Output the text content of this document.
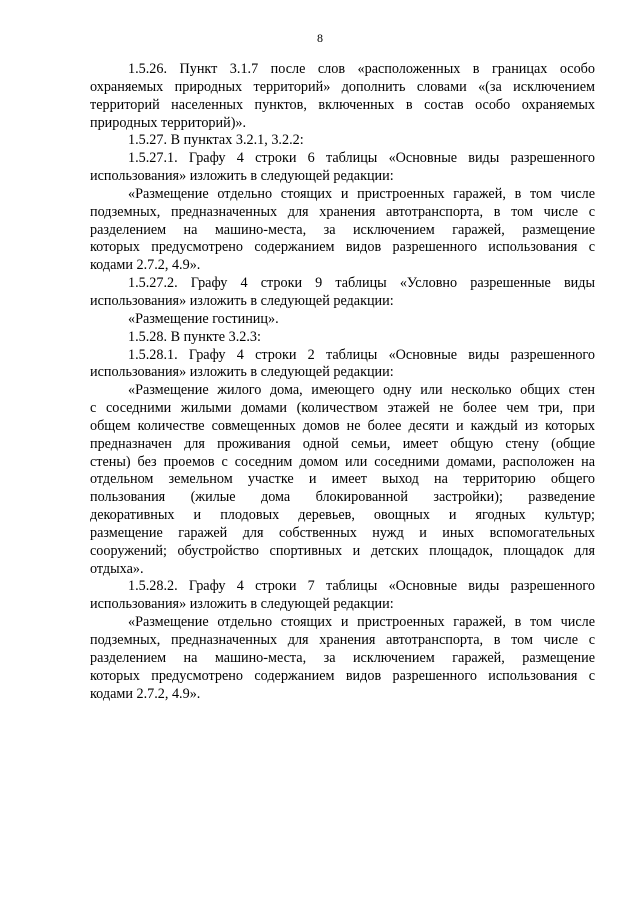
8
1.5.26. Пункт 3.1.7 после слов «расположенных в границах особо
охраняемых природных территорий» дополнить словами «(за исключением
территорий населенных пунктов, включенных в состав особо охраняемых
природных территорий)».
1.5.27. В пунктах 3.2.1, 3.2.2:
1.5.27.1. Графу 4 строки 6 таблицы «Основные виды разрешенного
использования» изложить в следующей редакции:
«Размещение отдельно стоящих и пристроенных гаражей, в том числе
подземных, предназначенных для хранения автотранспорта, в том числе с
разделением на машино-места, за исключением гаражей, размещение
которых предусмотрено содержанием видов разрешенного использования с
кодами 2.7.2, 4.9».
1.5.27.2. Графу 4 строки 9 таблицы «Условно разрешенные виды
использования» изложить в следующей редакции:
«Размещение гостиниц».
1.5.28. В пункте 3.2.3:
1.5.28.1. Графу 4 строки 2 таблицы «Основные виды разрешенного
использования» изложить в следующей редакции:
«Размещение жилого дома, имеющего одну или несколько общих стен
с соседними жилыми домами (количеством этажей не более чем три, при
общем количестве совмещенных домов не более десяти и каждый из которых
предназначен для проживания одной семьи, имеет общую стену (общие
стены) без проемов с соседним домом или соседними домами, расположен на
отдельном земельном участке и имеет выход на территорию общего
пользования (жилые дома блокированной застройки); разведение
декоративных и плодовых деревьев, овощных и ягодных культур;
размещение гаражей для собственных нужд и иных вспомогательных
сооружений; обустройство спортивных и детских площадок, площадок для
отдыха».
1.5.28.2. Графу 4 строки 7 таблицы «Основные виды разрешенного
использования» изложить в следующей редакции:
«Размещение отдельно стоящих и пристроенных гаражей, в том числе
подземных, предназначенных для хранения автотранспорта, в том числе с
разделением на машино-места, за исключением гаражей, размещение
которых предусмотрено содержанием видов разрешенного использования с
кодами 2.7.2, 4.9».
